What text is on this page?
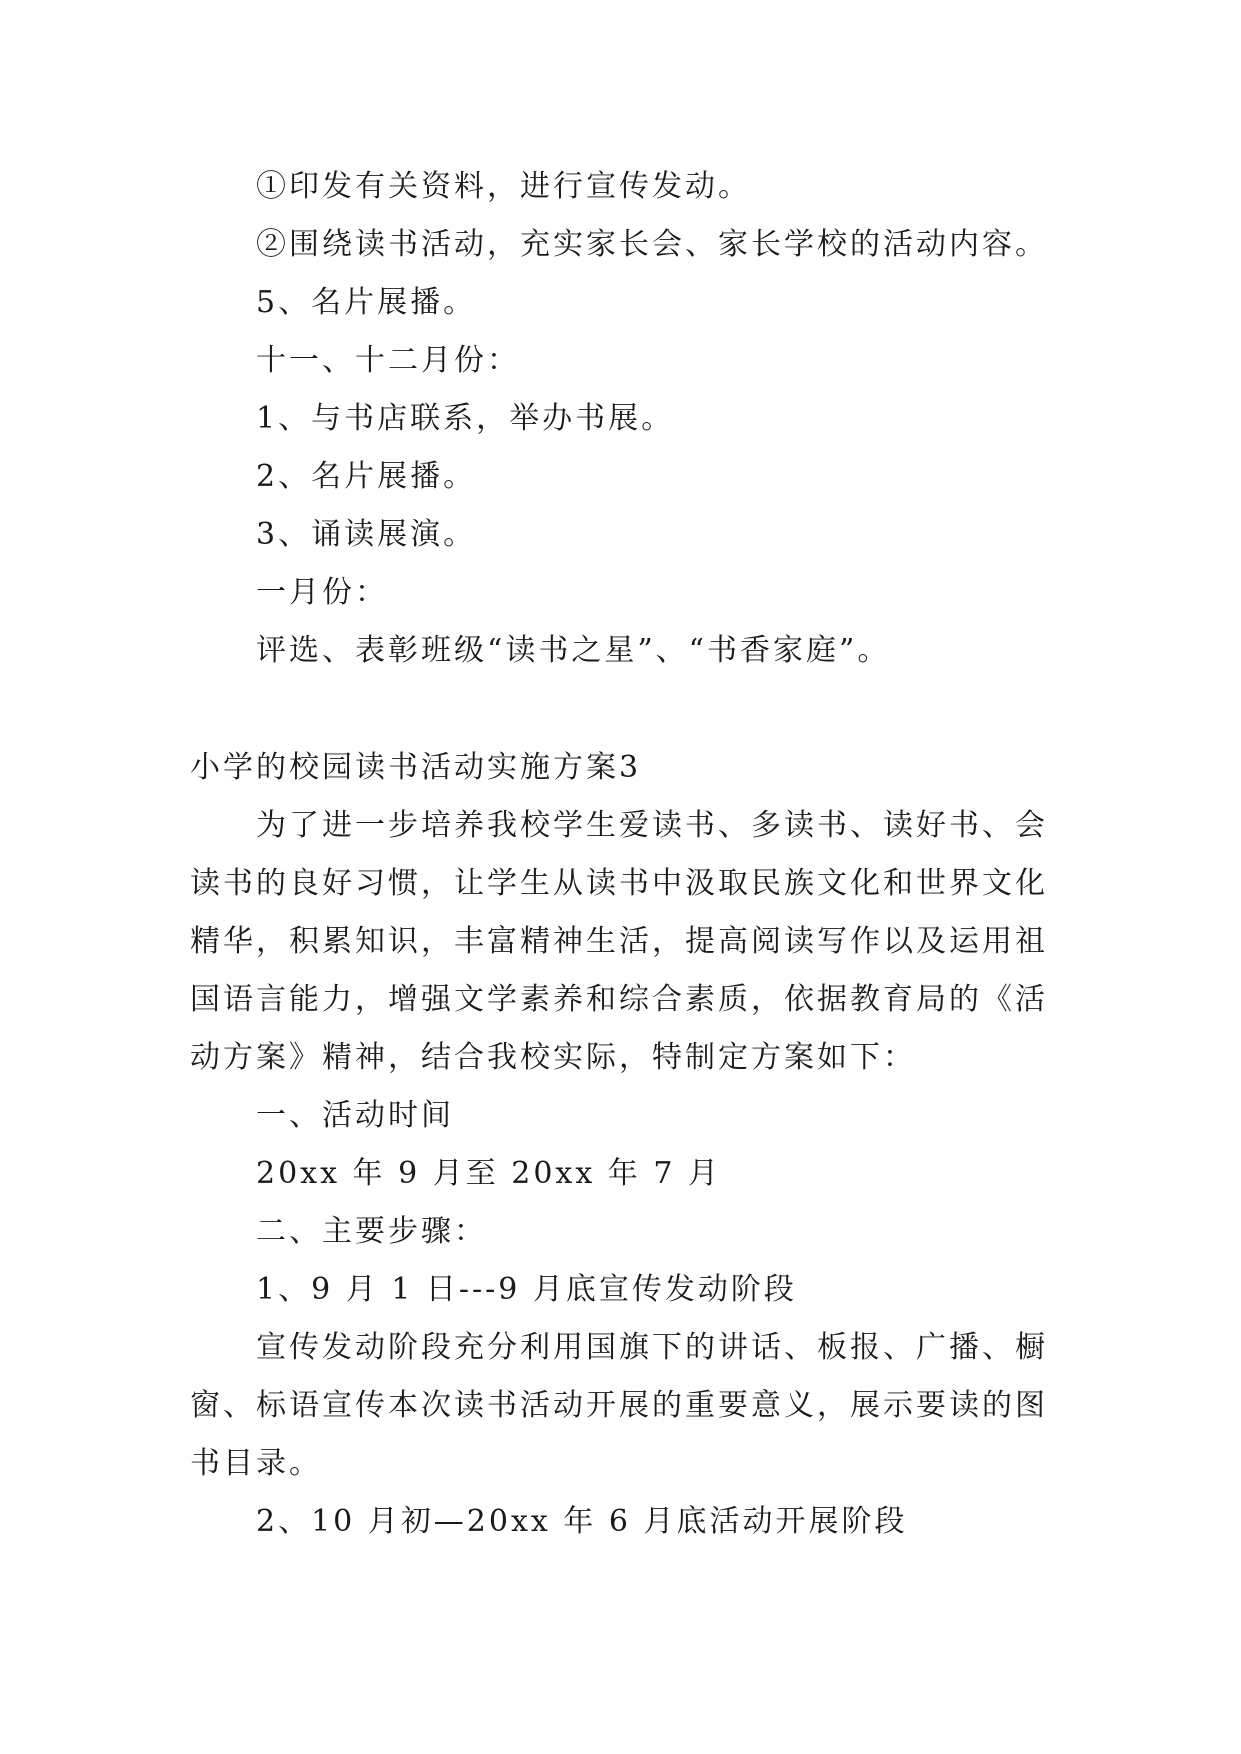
①印发有关资料，进行宣传发动。
②围绕读书活动，充实家长会、家长学校的活动内容。
5、名片展播。
十一、十二月份：
1、与书店联系，举办书展。
2、名片展播。
3、诵读展演。
一月份：
评选、表彰班级“读书之星”、“书香家庭”。
小学的校园读书活动实施方案3
为了进一步培养我校学生爱读书、多读书、读好书、会
读书的良好习惯，让学生从读书中汲取民族文化和世界文化
精华，积累知识，丰富精神生活，提高阅读写作以及运用祖
国语言能力，增强文学素养和综合素质，依据教育局的《活
动方案》精神，结合我校实际，特制定方案如下：
一、活动时间
20xx 年 9 月至 20xx 年 7 月
二、主要步骤：
1、9 月 1 日---9 月底宣传发动阶段
宣传发动阶段充分利用国旗下的讲话、板报、广播、橱
窗、标语宣传本次读书活动开展的重要意义，展示要读的图
书目录。
2、10 月初—20xx 年 6 月底活动开展阶段
